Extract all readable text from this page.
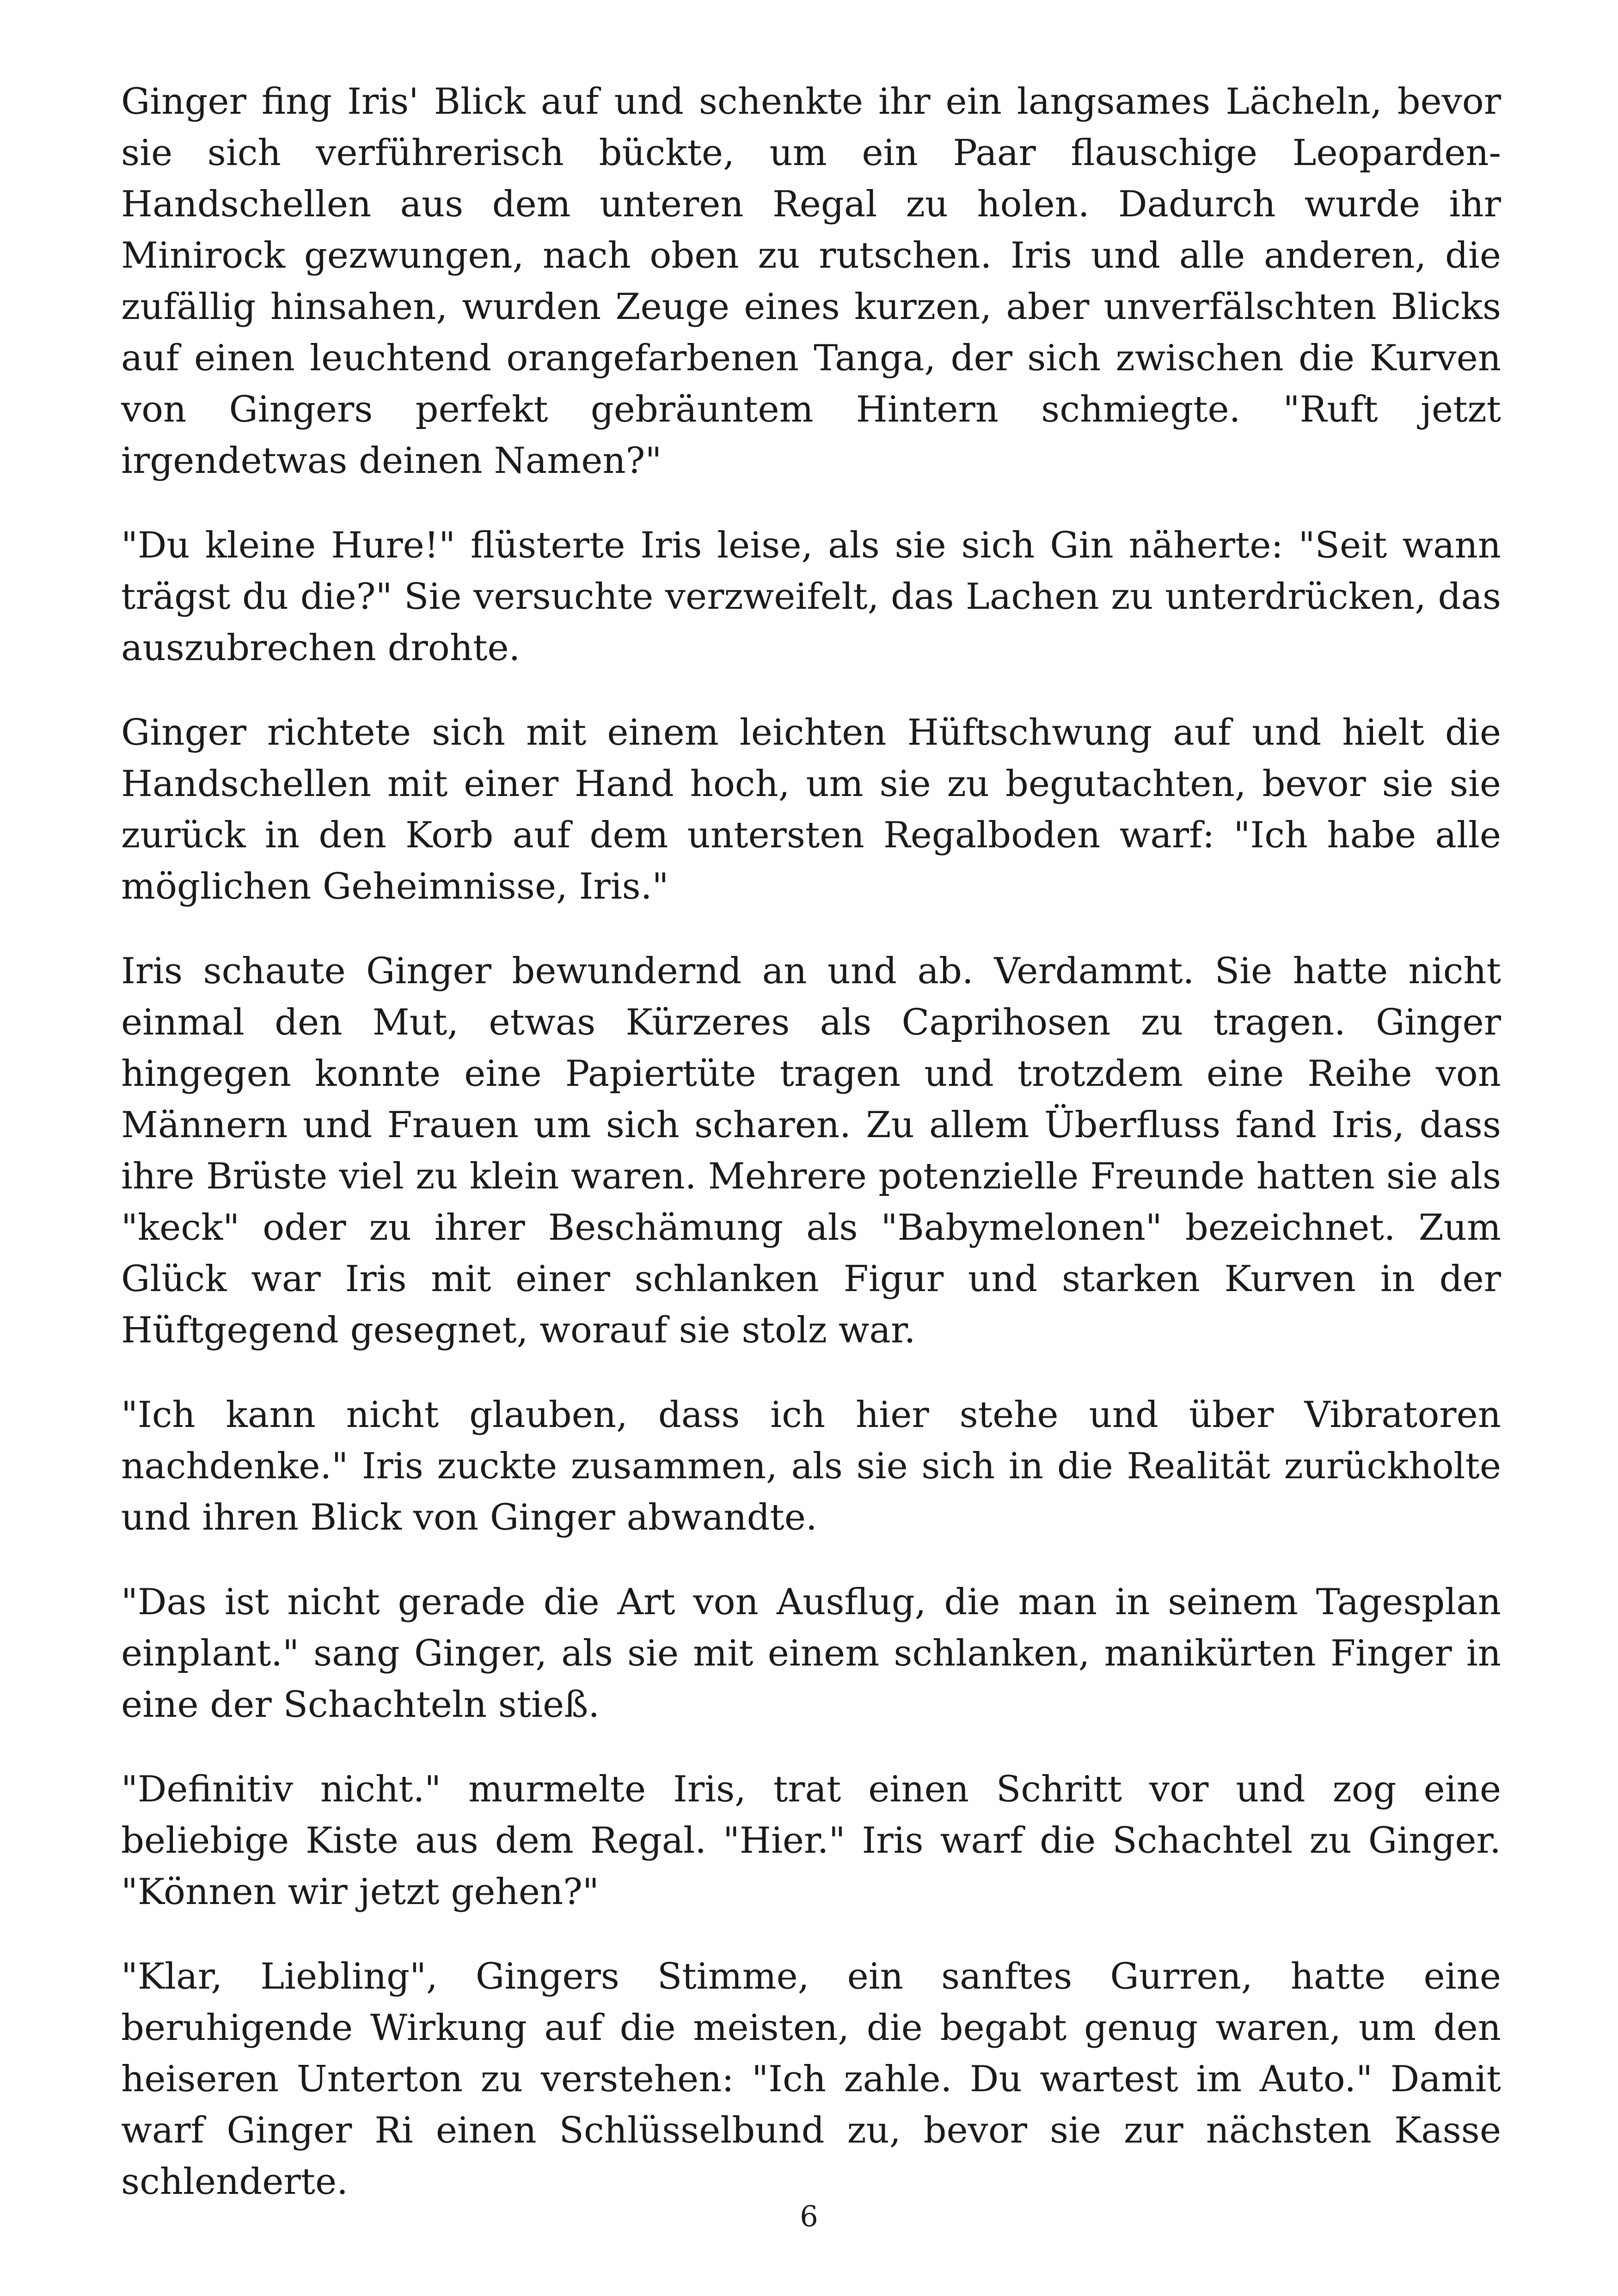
Ginger fing Iris' Blick auf und schenkte ihr ein langsames Lächeln, bevor sie sich verführerisch bückte, um ein Paar flauschige Leoparden-Handschellen aus dem unteren Regal zu holen. Dadurch wurde ihr Minirock gezwungen, nach oben zu rutschen. Iris und alle anderen, die zufällig hinsahen, wurden Zeuge eines kurzen, aber unverfälschten Blicks auf einen leuchtend orangefarbenen Tanga, der sich zwischen die Kurven von Gingers perfekt gebräuntem Hintern schmiegte. "Ruft jetzt irgendetwas deinen Namen?"

"Du kleine Hure!" flüsterte Iris leise, als sie sich Gin näherte: "Seit wann trägst du die?" Sie versuchte verzweifelt, das Lachen zu unterdrücken, das auszubrechen drohte.

Ginger richtete sich mit einem leichten Hüftschwung auf und hielt die Handschellen mit einer Hand hoch, um sie zu begutachten, bevor sie sie zurück in den Korb auf dem untersten Regalboden warf: "Ich habe alle möglichen Geheimnisse, Iris."

Iris schaute Ginger bewundernd an und ab. Verdammt. Sie hatte nicht einmal den Mut, etwas Kürzeres als Caprihosen zu tragen. Ginger hingegen konnte eine Papiertüte tragen und trotzdem eine Reihe von Männern und Frauen um sich scharen. Zu allem Überfluss fand Iris, dass ihre Brüste viel zu klein waren. Mehrere potenzielle Freunde hatten sie als "keck" oder zu ihrer Beschämung als "Babymelonen" bezeichnet. Zum Glück war Iris mit einer schlanken Figur und starken Kurven in der Hüftgegend gesegnet, worauf sie stolz war.

"Ich kann nicht glauben, dass ich hier stehe und über Vibratoren nachdenke." Iris zuckte zusammen, als sie sich in die Realität zurückholte und ihren Blick von Ginger abwandte.

"Das ist nicht gerade die Art von Ausflug, die man in seinem Tagesplan einplant." sang Ginger, als sie mit einem schlanken, manikürten Finger in eine der Schachteln stieß.

"Definitiv nicht." murmelte Iris, trat einen Schritt vor und zog eine beliebige Kiste aus dem Regal. "Hier." Iris warf die Schachtel zu Ginger. "Können wir jetzt gehen?"

"Klar, Liebling", Gingers Stimme, ein sanftes Gurren, hatte eine beruhigende Wirkung auf die meisten, die begabt genug waren, um den heiseren Unterton zu verstehen: "Ich zahle. Du wartest im Auto." Damit warf Ginger Ri einen Schlüsselbund zu, bevor sie zur nächsten Kasse schlenderte.

6
